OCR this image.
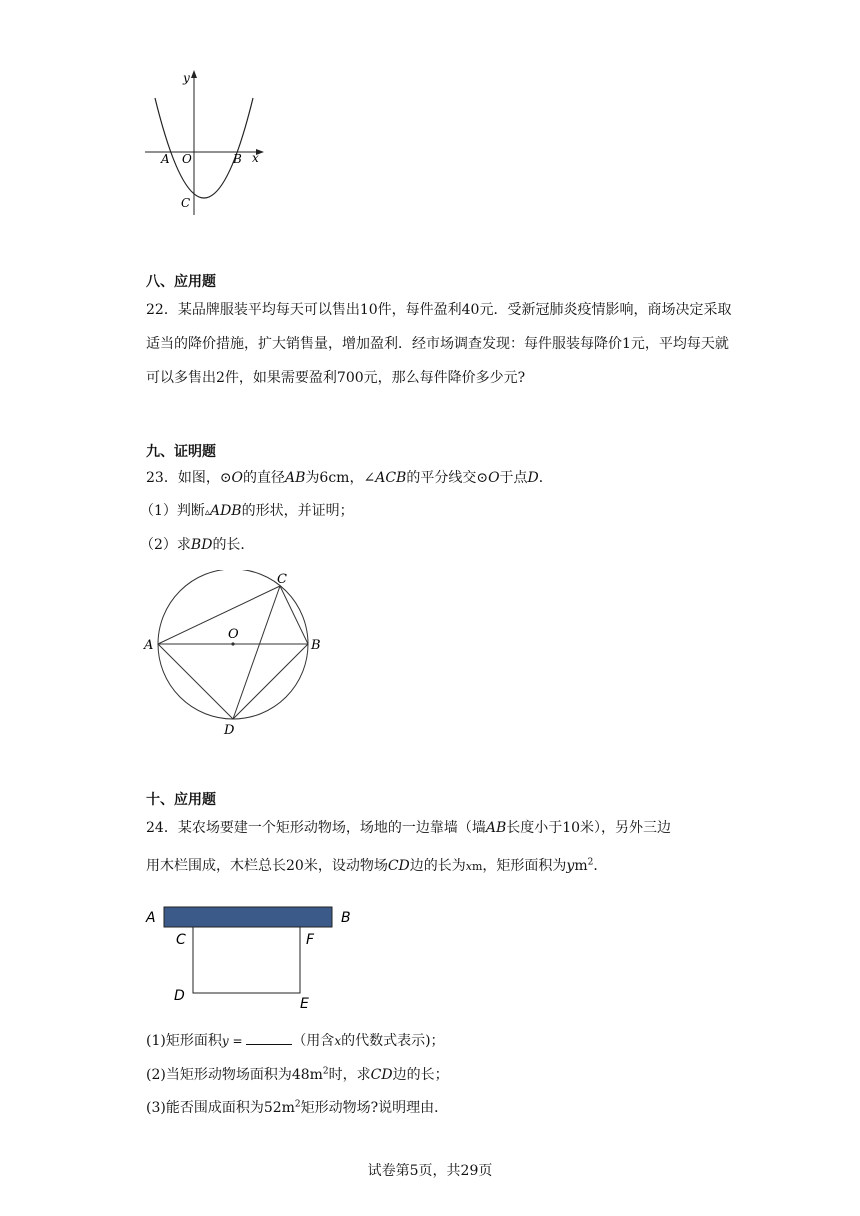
y
x
A O	B
C
八、应用题
22．某品牌服装平均每天可以售出10件，每件盈利40元．受新冠肺炎疫情影响，商场决定采取适当的降价措施，扩大销售量，增加盈利．经市场调查发现：每件服装每降价1元，平均每天就可以多售出2件，如果需要盈利700元，那么每件降价多少元?
九、证明题
23．如图，⊙O的直径AB为6cm，∠ACB的平分线交⊙O于点D．
（1）判断▵ADB的形状，并证明；
（2）求BD的长．
C
O
A	B
D
十、应用题
24．某农场要建一个矩形动物场，场地的一边靠墙（墙AB长度小于10米），另外三边
用木栏围成，木栏总长20米，设动物场CD边的长为xm，矩形面积为$ym^2$．
A	B
C	F
D	E
(1)矩形面积y =	（用含x的代数式表示)；
(2)当矩形动物场面积为$48m^2$时，求CD边的长；
(3)能否围成面积为$52m^2$矩形动物场?说明理由．
试卷第5页，共29页
